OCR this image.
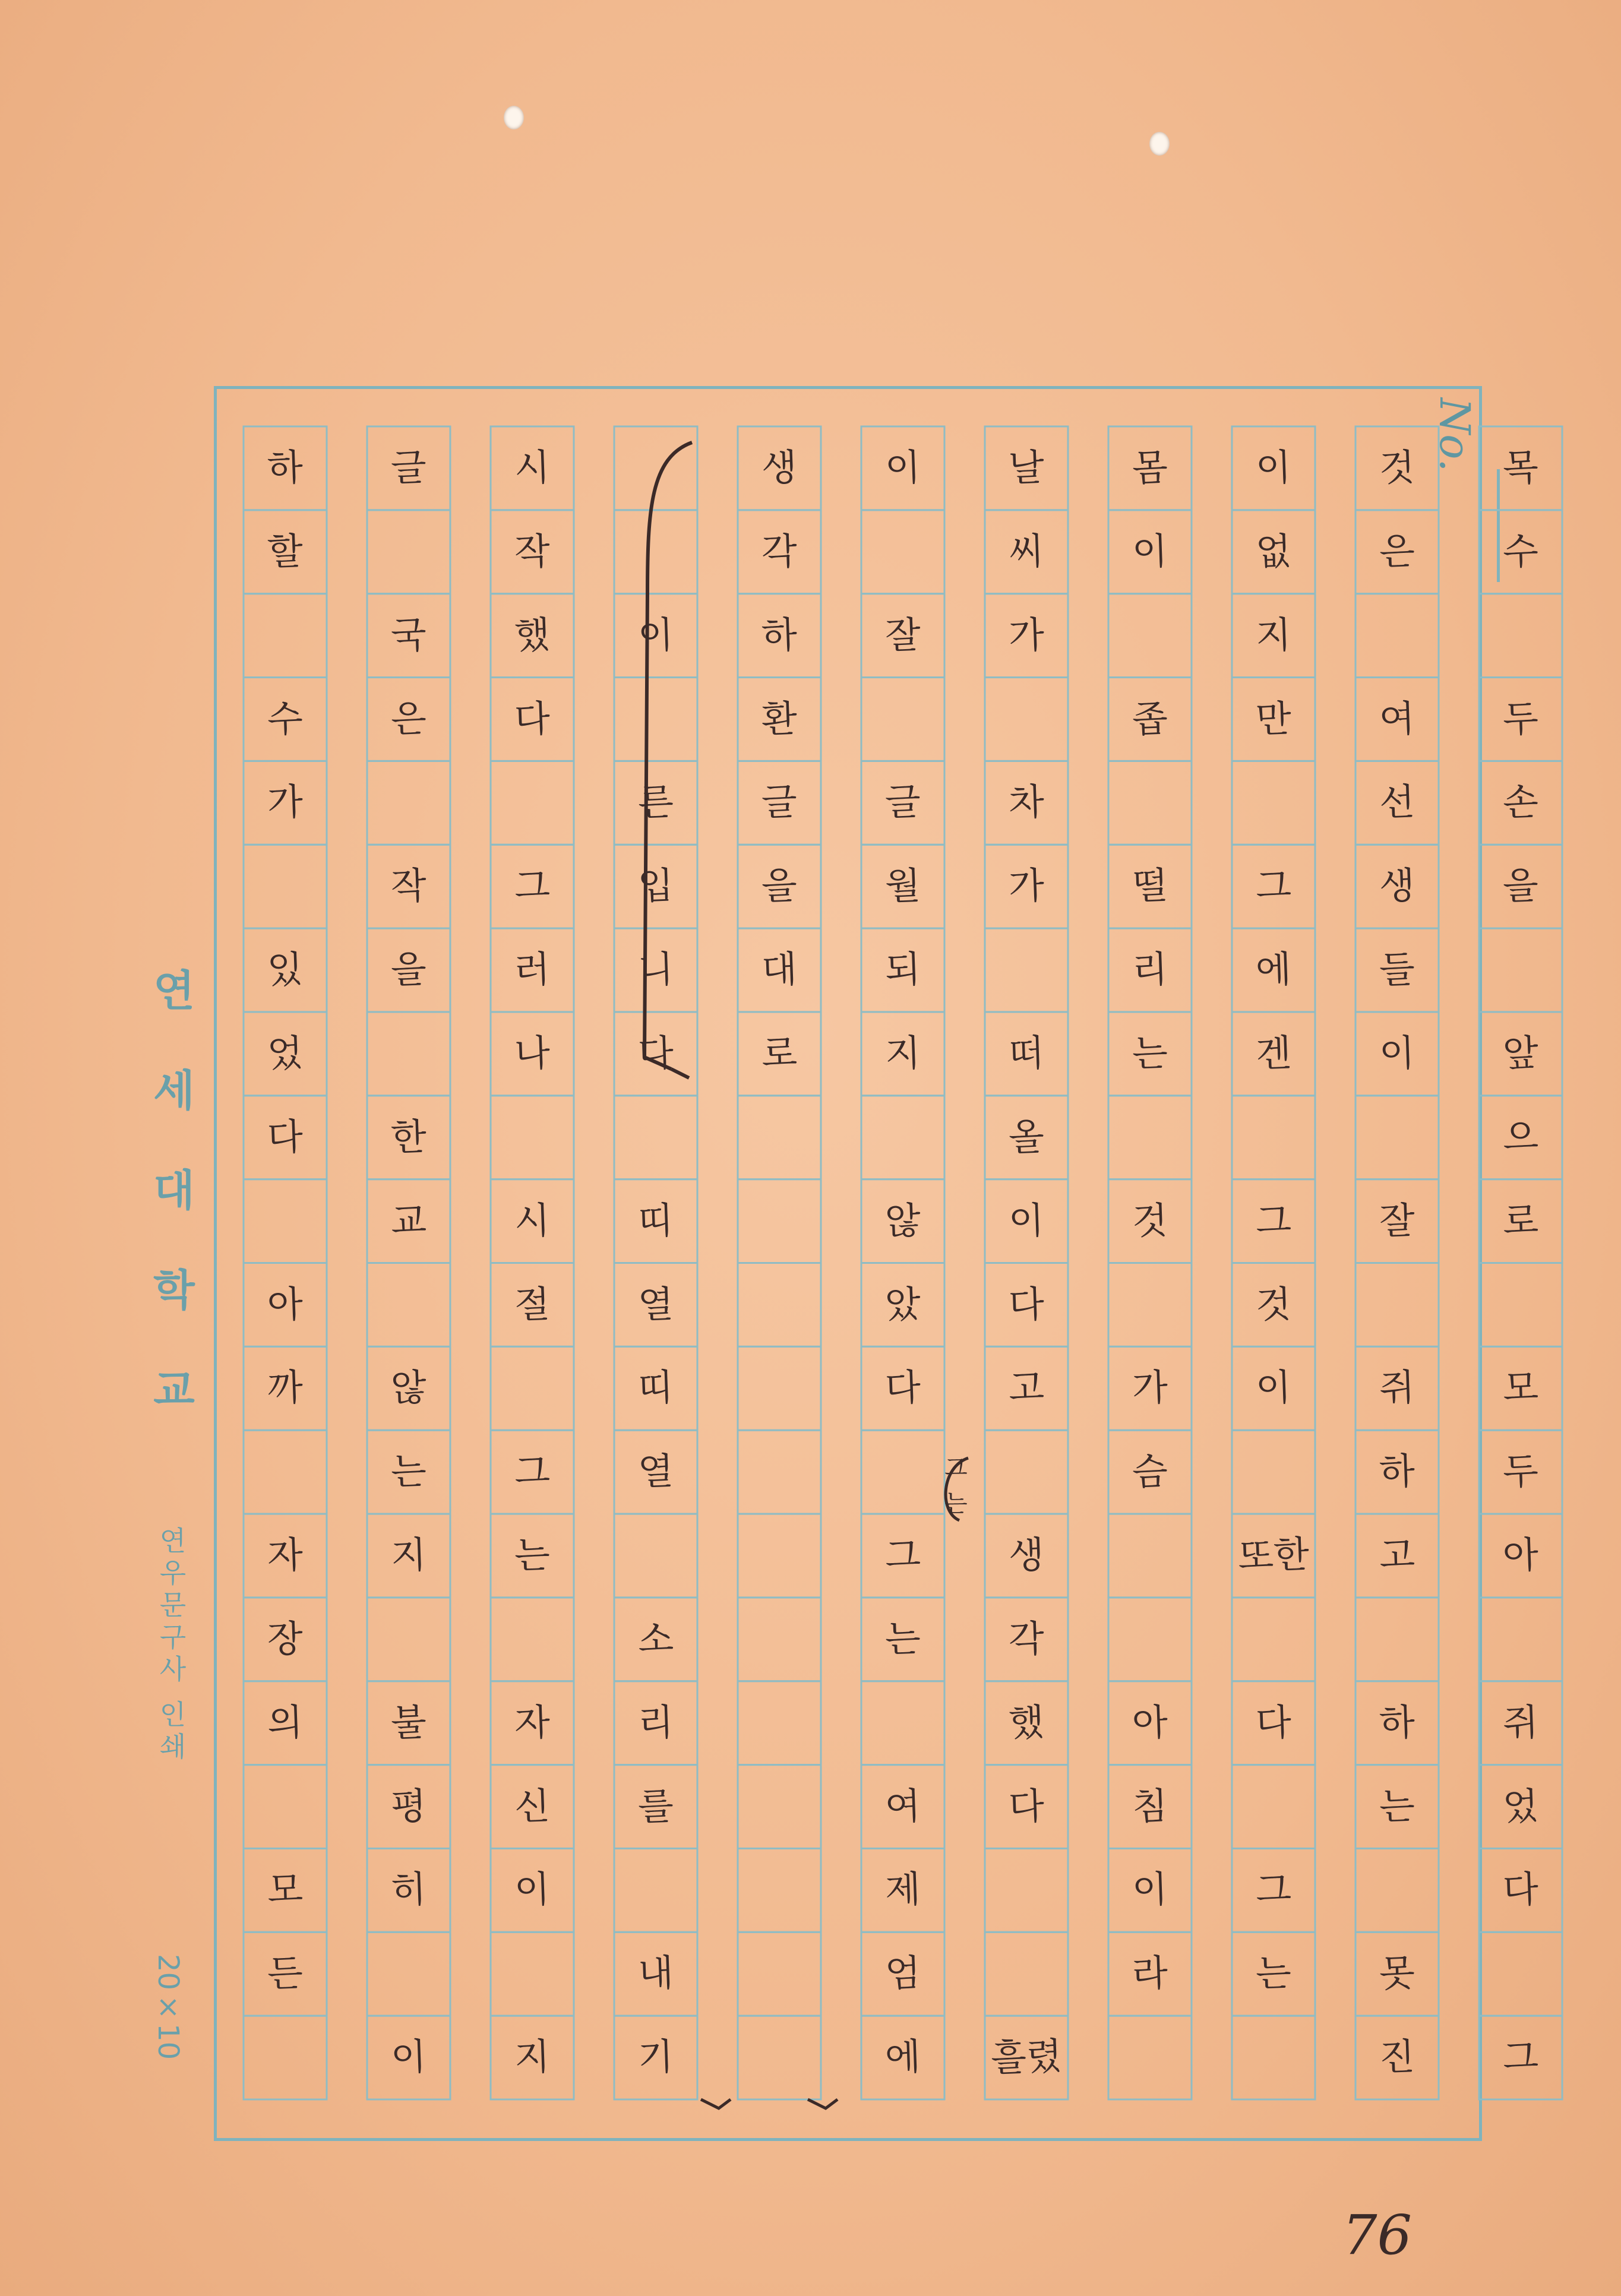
No. 목
수
두
손
을
앞
으
로
모
두
아
쥐
었
다
그
것
은
여
선
생
들
이
잘
쥐
하
고
하
는
못
진
이
없
지
만
그
에
겐
그
것
이
또한
다
그
는
몸
이
좁
떨
리
는
것
가
슴
아
침
이
라
날
씨
가
차
가
떠
올
이
다
고
생
각
했
다
흘렸
이
잘
글
월
되
지
않
았
다
그
는
여
제
엄
에
생
각
하
환
글
을
대
로
이
른
입
니
다
띠
열
띠
열
소
리
를
내
기
시
작
했
다
그
러
나
시
절
그
는
자
신
이
지
글
국
은
작
을
한
교
않
는
지
불
평
히
이
하
할
수
가
있
었
다
아
까
자
장
의
모
든
그
는
연세대학교
연우문구사 인쇄
20×10
76
